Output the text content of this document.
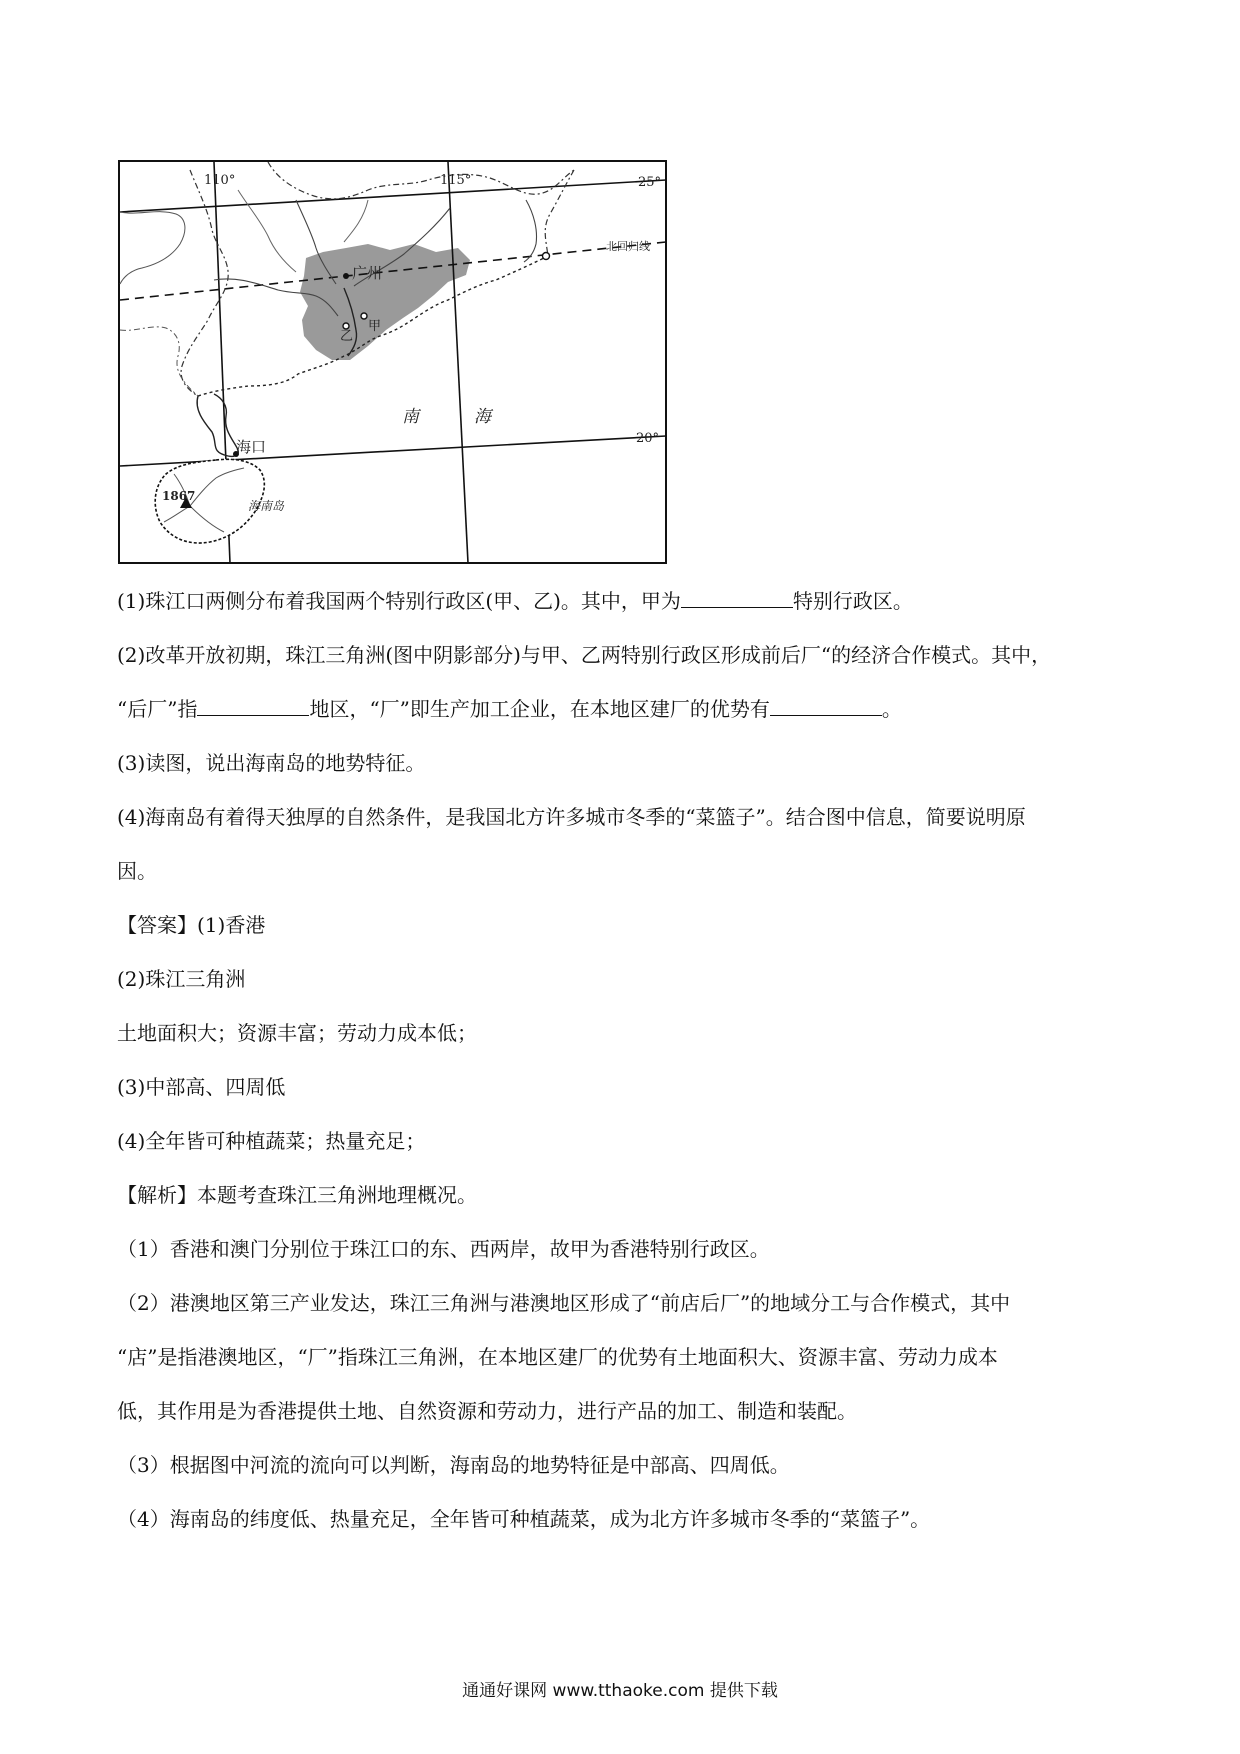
110°	115°	25°
20°
北回归线
广州
甲
乙
南	海
海口
海南岛
1867

(1)珠江口两侧分布着我国两个特别行政区(甲、乙)。其中，甲为	特别行政区。

(2)改革开放初期，珠江三角洲(图中阴影部分)与甲、乙两特别行政区形成前后厂“的经济合作模式。其中，

“后厂”指	地区，“厂”即生产加工企业，在本地区建厂的优势有	。

(3)读图，说出海南岛的地势特征。

(4)海南岛有着得天独厚的自然条件，是我国北方许多城市冬季的“菜篮子”。结合图中信息，简要说明原

因。

【答案】(1)香港

(2)珠江三角洲

土地面积大；资源丰富；劳动力成本低；

(3)中部高、四周低

(4)全年皆可种植蔬菜；热量充足；

【解析】本题考查珠江三角洲地理概况。

（1）香港和澳门分别位于珠江口的东、西两岸，故甲为香港特别行政区。

（2）港澳地区第三产业发达，珠江三角洲与港澳地区形成了“前店后厂”的地域分工与合作模式，其中

“店”是指港澳地区，“厂”指珠江三角洲，在本地区建厂的优势有土地面积大、资源丰富、劳动力成本

低，其作用是为香港提供土地、自然资源和劳动力，进行产品的加工、制造和装配。

（3）根据图中河流的流向可以判断，海南岛的地势特征是中部高、四周低。

（4）海南岛的纬度低、热量充足，全年皆可种植蔬菜，成为北方许多城市冬季的“菜篮子”。

通通好课网 www.tthaoke.com 提供下载
